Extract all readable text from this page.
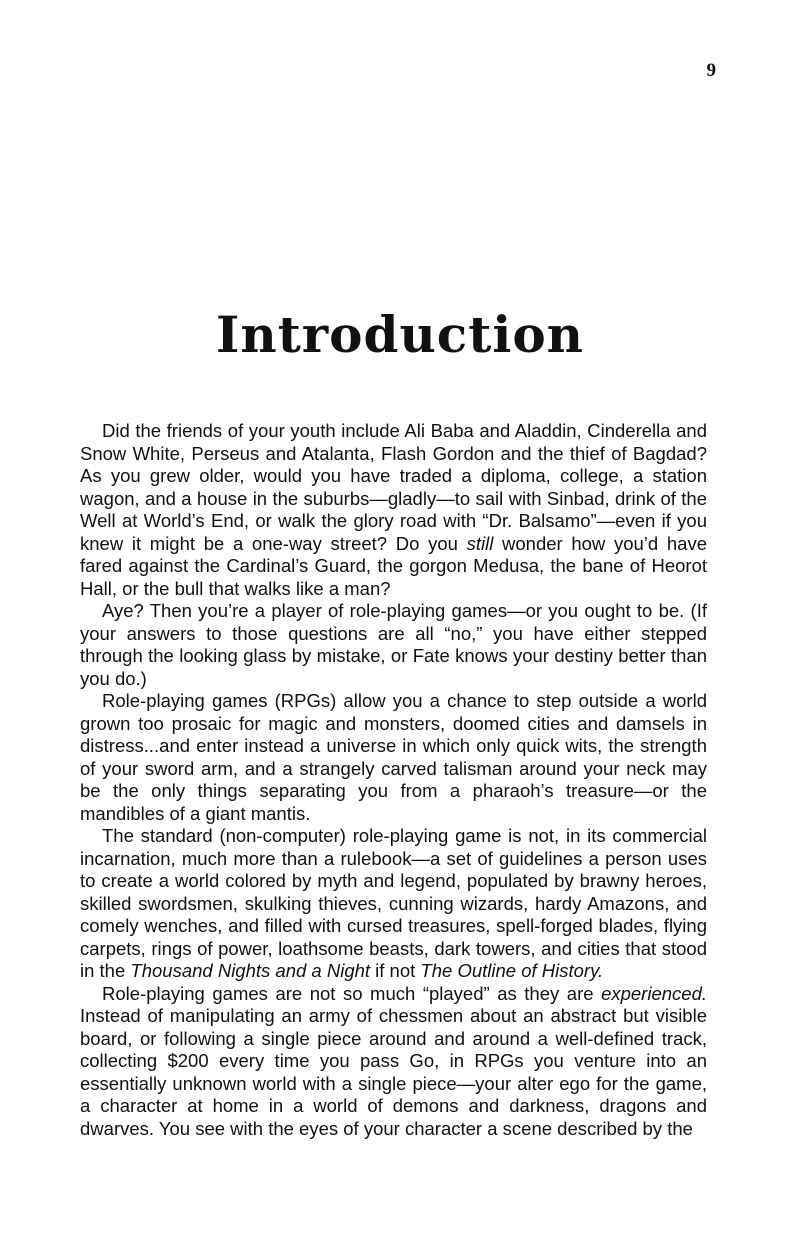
9
Introduction

Did the friends of your youth include Ali Baba and Aladdin, Cinderella and Snow White, Perseus and Atalanta, Flash Gordon and the thief of Bagdad? As you grew older, would you have traded a diploma, college, a station wagon, and a house in the suburbs—gladly—to sail with Sinbad, drink of the Well at World’s End, or walk the glory road with “Dr. Balsamo”—even if you knew it might be a one-way street? Do you still wonder how you’d have fared against the Cardinal’s Guard, the gorgon Medusa, the bane of Heorot Hall, or the bull that walks like a man?

Aye? Then you’re a player of role-playing games—or you ought to be. (If your answers to those questions are all “no,” you have either stepped through the looking glass by mistake, or Fate knows your destiny better than you do.)

Role-playing games (RPGs) allow you a chance to step outside a world grown too prosaic for magic and monsters, doomed cities and damsels in distress...and enter instead a universe in which only quick wits, the strength of your sword arm, and a strangely carved talisman around your neck may be the only things separating you from a pharaoh’s treasure—or the mandibles of a giant mantis.

The standard (non-computer) role-playing game is not, in its commercial incarnation, much more than a rulebook—a set of guidelines a person uses to create a world colored by myth and legend, populated by brawny heroes, skilled swordsmen, skulking thieves, cunning wizards, hardy Amazons, and comely wenches, and filled with cursed treasures, spell-forged blades, flying carpets, rings of power, loathsome beasts, dark towers, and cities that stood in the Thousand Nights and a Night if not The Outline of History.

Role-playing games are not so much “played” as they are experienced. Instead of manipulating an army of chessmen about an abstract but visible board, or following a single piece around and around a well-defined track, collecting $200 every time you pass Go, in RPGs you venture into an essentially unknown world with a single piece—your alter ego for the game, a character at home in a world of demons and darkness, dragons and dwarves. You see with the eyes of your character a scene described by the
